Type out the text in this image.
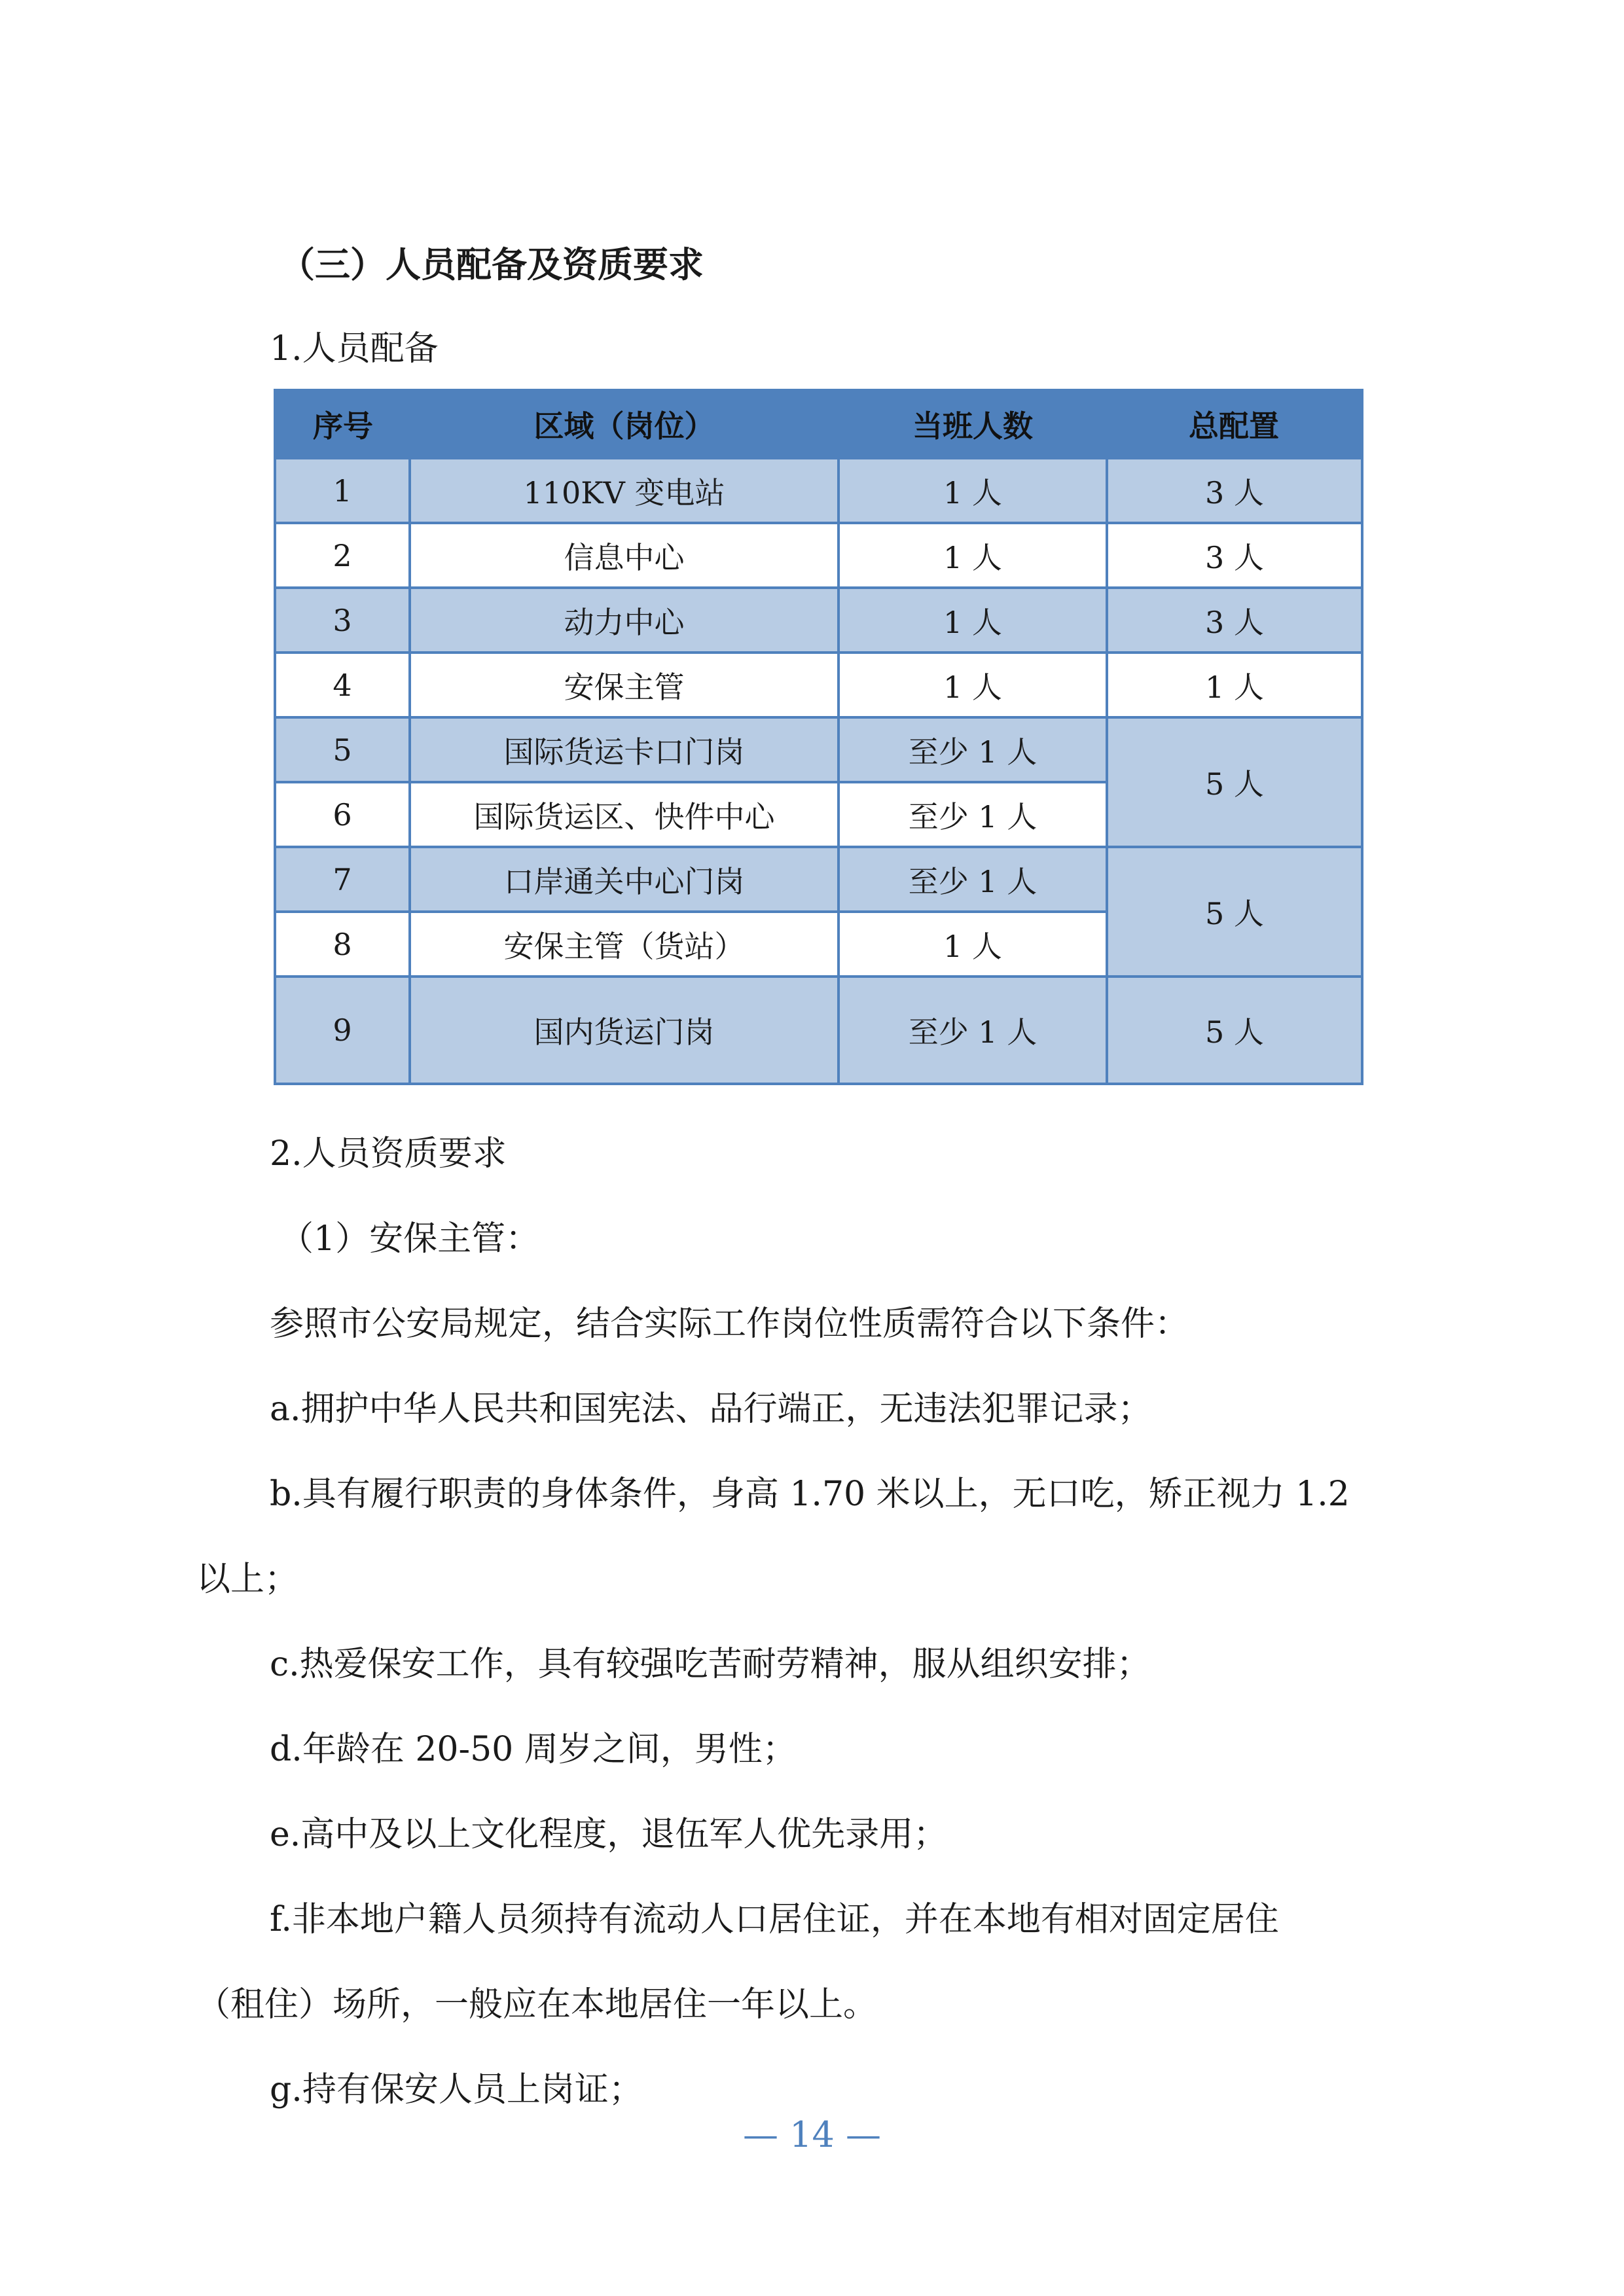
（三）人员配备及资质要求
1.人员配备
序号	区域（岗位）	当班人数	总配置
1	110KV 变电站	1 人	3 人
2	信息中心	1 人	3 人
3	动力中心	1 人	3 人
4	安保主管	1 人	1 人
5	国际货运卡口门岗	至少 1 人	5 人
6	国际货运区、快件中心	至少 1 人	
7	口岸通关中心门岗	至少 1 人	5 人
8	安保主管（货站）	1 人	
9	国内货运门岗	至少 1 人	5 人
2.人员资质要求
（1）安保主管：
参照市公安局规定，结合实际工作岗位性质需符合以下条件：
a.拥护中华人民共和国宪法、品行端正，无违法犯罪记录；
b.具有履行职责的身体条件，身高 1.70 米以上，无口吃，矫正视力 1.2
以上；
c.热爱保安工作，具有较强吃苦耐劳精神，服从组织安排；
d.年龄在 20-50 周岁之间，男性；
e.高中及以上文化程度，退伍军人优先录用；
f.非本地户籍人员须持有流动人口居住证，并在本地有相对固定居住
（租住）场所，一般应在本地居住一年以上。
g.持有保安人员上岗证；
— 14 —
